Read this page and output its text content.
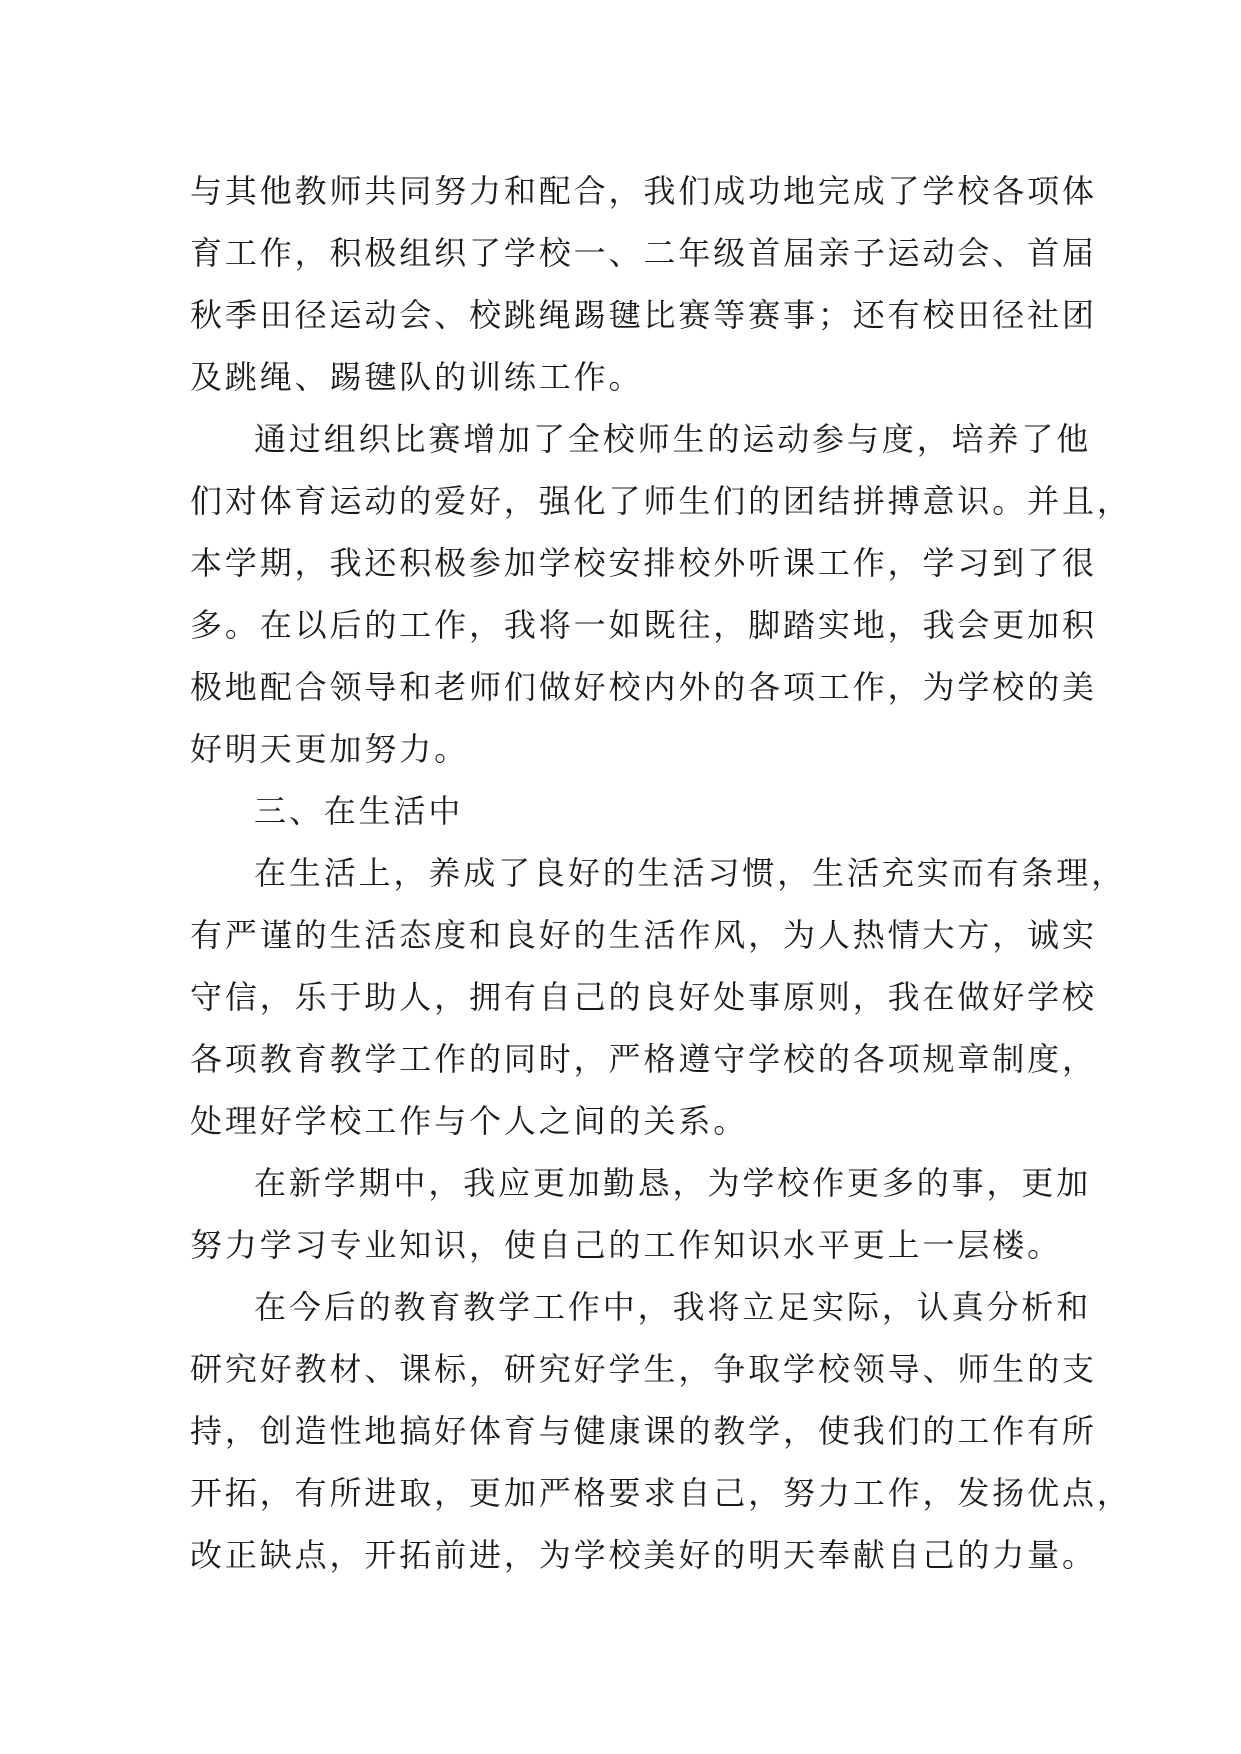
与其他教师共同努力和配合，我们成功地完成了学校各项体
育工作，积极组织了学校一、二年级首届亲子运动会、首届
秋季田径运动会、校跳绳踢毽比赛等赛事；还有校田径社团
及跳绳、踢毽队的训练工作。
通过组织比赛增加了全校师生的运动参与度，培养了他
们对体育运动的爱好，强化了师生们的团结拼搏意识。并且，
本学期，我还积极参加学校安排校外听课工作，学习到了很
多。在以后的工作，我将一如既往，脚踏实地，我会更加积
极地配合领导和老师们做好校内外的各项工作，为学校的美
好明天更加努力。
三、在生活中
在生活上，养成了良好的生活习惯，生活充实而有条理，
有严谨的生活态度和良好的生活作风，为人热情大方，诚实
守信，乐于助人，拥有自己的良好处事原则，我在做好学校
各项教育教学工作的同时，严格遵守学校的各项规章制度，
处理好学校工作与个人之间的关系。
在新学期中，我应更加勤恳，为学校作更多的事，更加
努力学习专业知识，使自己的工作知识水平更上一层楼。
在今后的教育教学工作中，我将立足实际，认真分析和
研究好教材、课标，研究好学生，争取学校领导、师生的支
持，创造性地搞好体育与健康课的教学，使我们的工作有所
开拓，有所进取，更加严格要求自己，努力工作，发扬优点，
改正缺点，开拓前进，为学校美好的明天奉献自己的力量。
